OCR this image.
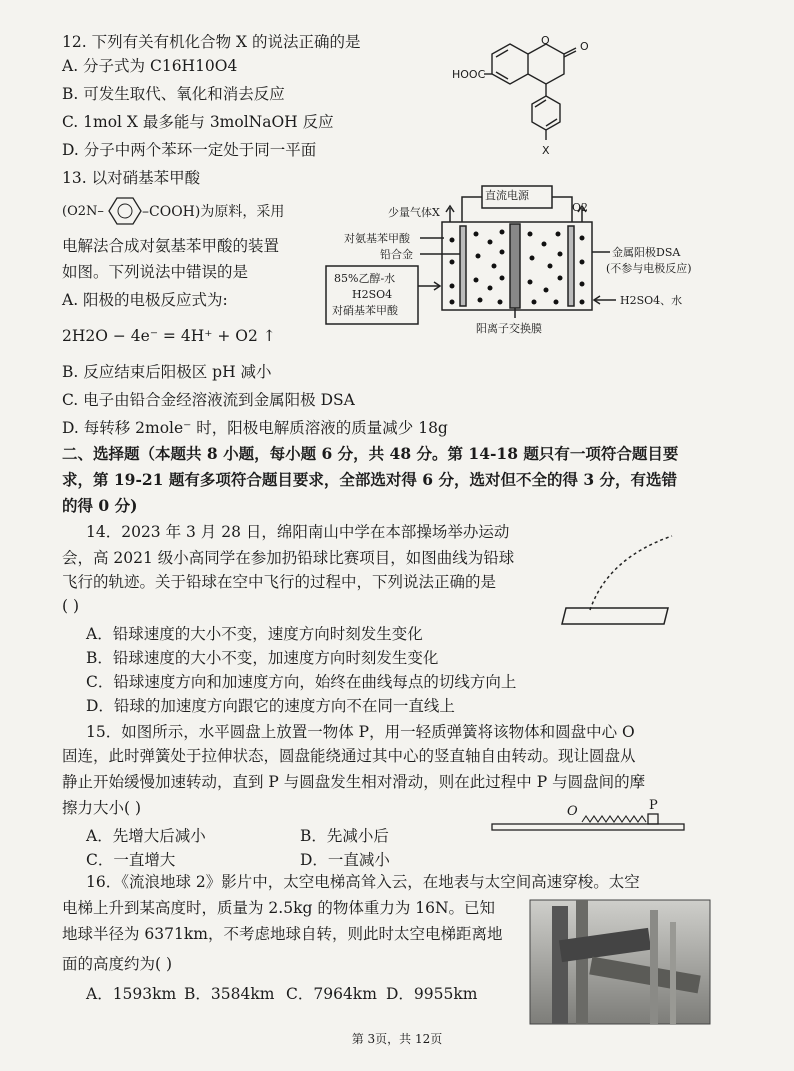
12. 下列有关有机化合物 X 的说法正确的是
A. 分子式为 C16H10O4
B. 可发生取代、氧化和消去反应
C. 1mol X 最多能与 3molNaOH 反应
D. 分子中两个苯环一定处于同一平面
HOOC
O	O
X
13. 以对硝基苯甲酸
(O2N–	–COOH)为原料，采用
电解法合成对氨基苯甲酸的装置
如图。下列说法中错误的是
A. 阳极的电极反应式为:
2H2O − 4e⁻ = 4H⁺ + O2 ↑
B. 反应结束后阳极区 pH 减小
C. 电子由铅合金经溶液流到金属阳极 DSA
D. 每转移 2mole⁻ 时，阳极电解质溶液的质量减少 18g
直流电源
少量气体X	O2
对氨基苯甲酸
铅合金	金属阳极DSA
(不参与电极反应)
85%乙醇-水
H2SO4
对硝基苯甲酸
H2SO4、水
阳离子交换膜
二、选择题（本题共 8 小题，每小题 6 分，共 48 分。第 14-18 题只有一项符合题目要
求，第 19-21 题有多项符合题目要求，全部选对得 6 分，选对但不全的得 3 分，有选错
的得 0 分)
14．2023 年 3 月 28 日，绵阳南山中学在本部操场举办运动
会，高 2021 级小高同学在参加扔铅球比赛项目，如图曲线为铅球
飞行的轨迹。关于铅球在空中飞行的过程中，下列说法正确的是
( )
A．铅球速度的大小不变，速度方向时刻发生变化
B．铅球速度的大小不变，加速度方向时刻发生变化
C．铅球速度方向和加速度方向，始终在曲线每点的切线方向上
D．铅球的加速度方向跟它的速度方向不在同一直线上
15．如图所示，水平圆盘上放置一物体 P，用一轻质弹簧将该物体和圆盘中心 O
固连，此时弹簧处于拉伸状态，圆盘能绕通过其中心的竖直轴自由转动。现让圆盘从
静止开始缓慢加速转动，直到 P 与圆盘发生相对滑动，则在此过程中 P 与圆盘间的摩
擦力大小( )
A．先增大后减小	B．先减小后
C．一直增大	D．一直减小
O	P
16．《流浪地球 2》影片中，太空电梯高耸入云，在地表与太空间高速穿梭。太空
电梯上升到某高度时，质量为 2.5kg 的物体重力为 16N。已知
地球半径为 6371km，不考虑地球自转，则此时太空电梯距离地
面的高度约为( )
A．1593km B．3584km C．7964km D．9955km
第 3页，共 12页
